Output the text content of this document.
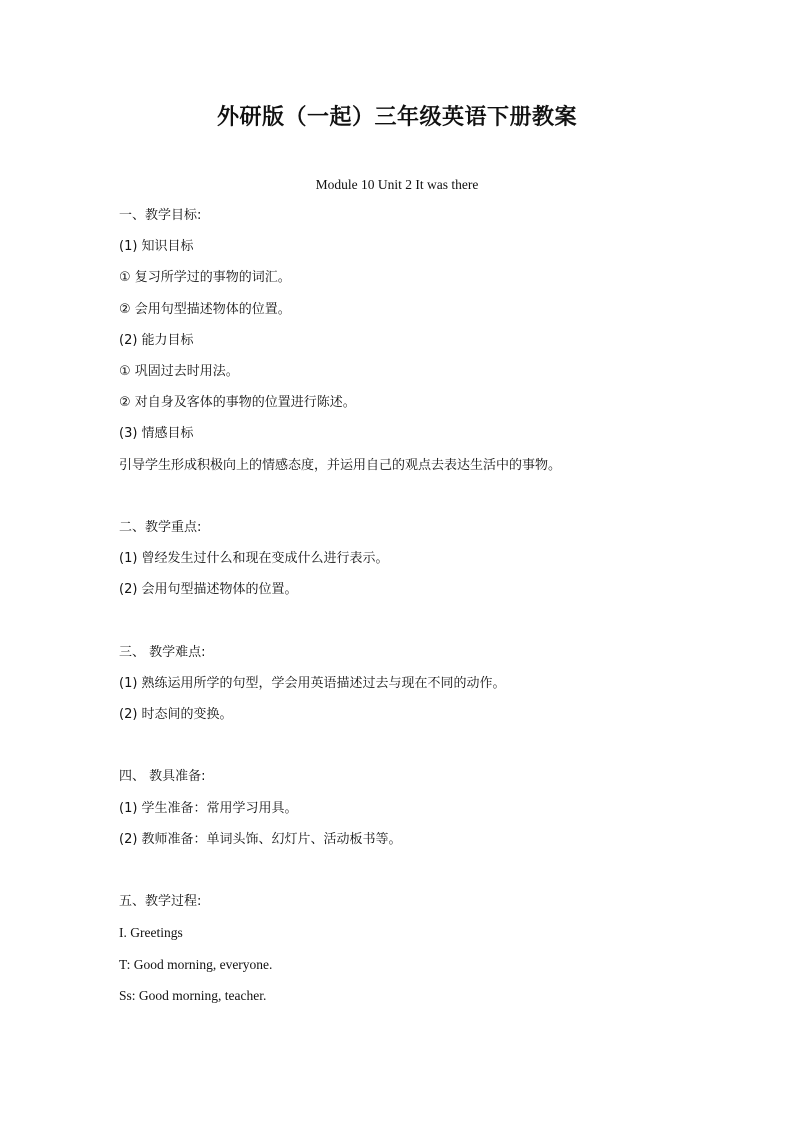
外研版（一起）三年级英语下册教案
Module 10 Unit 2 It was there
一、教学目标:
(1) 知识目标
① 复习所学过的事物的词汇。
② 会用句型描述物体的位置。
(2) 能力目标
① 巩固过去时用法。
② 对自身及客体的事物的位置进行陈述。
(3) 情感目标
引导学生形成积极向上的情感态度，并运用自己的观点去表达生活中的事物。
二、教学重点:
(1) 曾经发生过什么和现在变成什么进行表示。
(2) 会用句型描述物体的位置。
三、 教学难点:
(1) 熟练运用所学的句型，学会用英语描述过去与现在不同的动作。
(2) 时态间的变换。
四、 教具准备:
(1) 学生准备：常用学习用具。
(2) 教师准备：单词头饰、幻灯片、活动板书等。
五、教学过程:
I. Greetings
T: Good morning, everyone.
Ss: Good morning, teacher.
